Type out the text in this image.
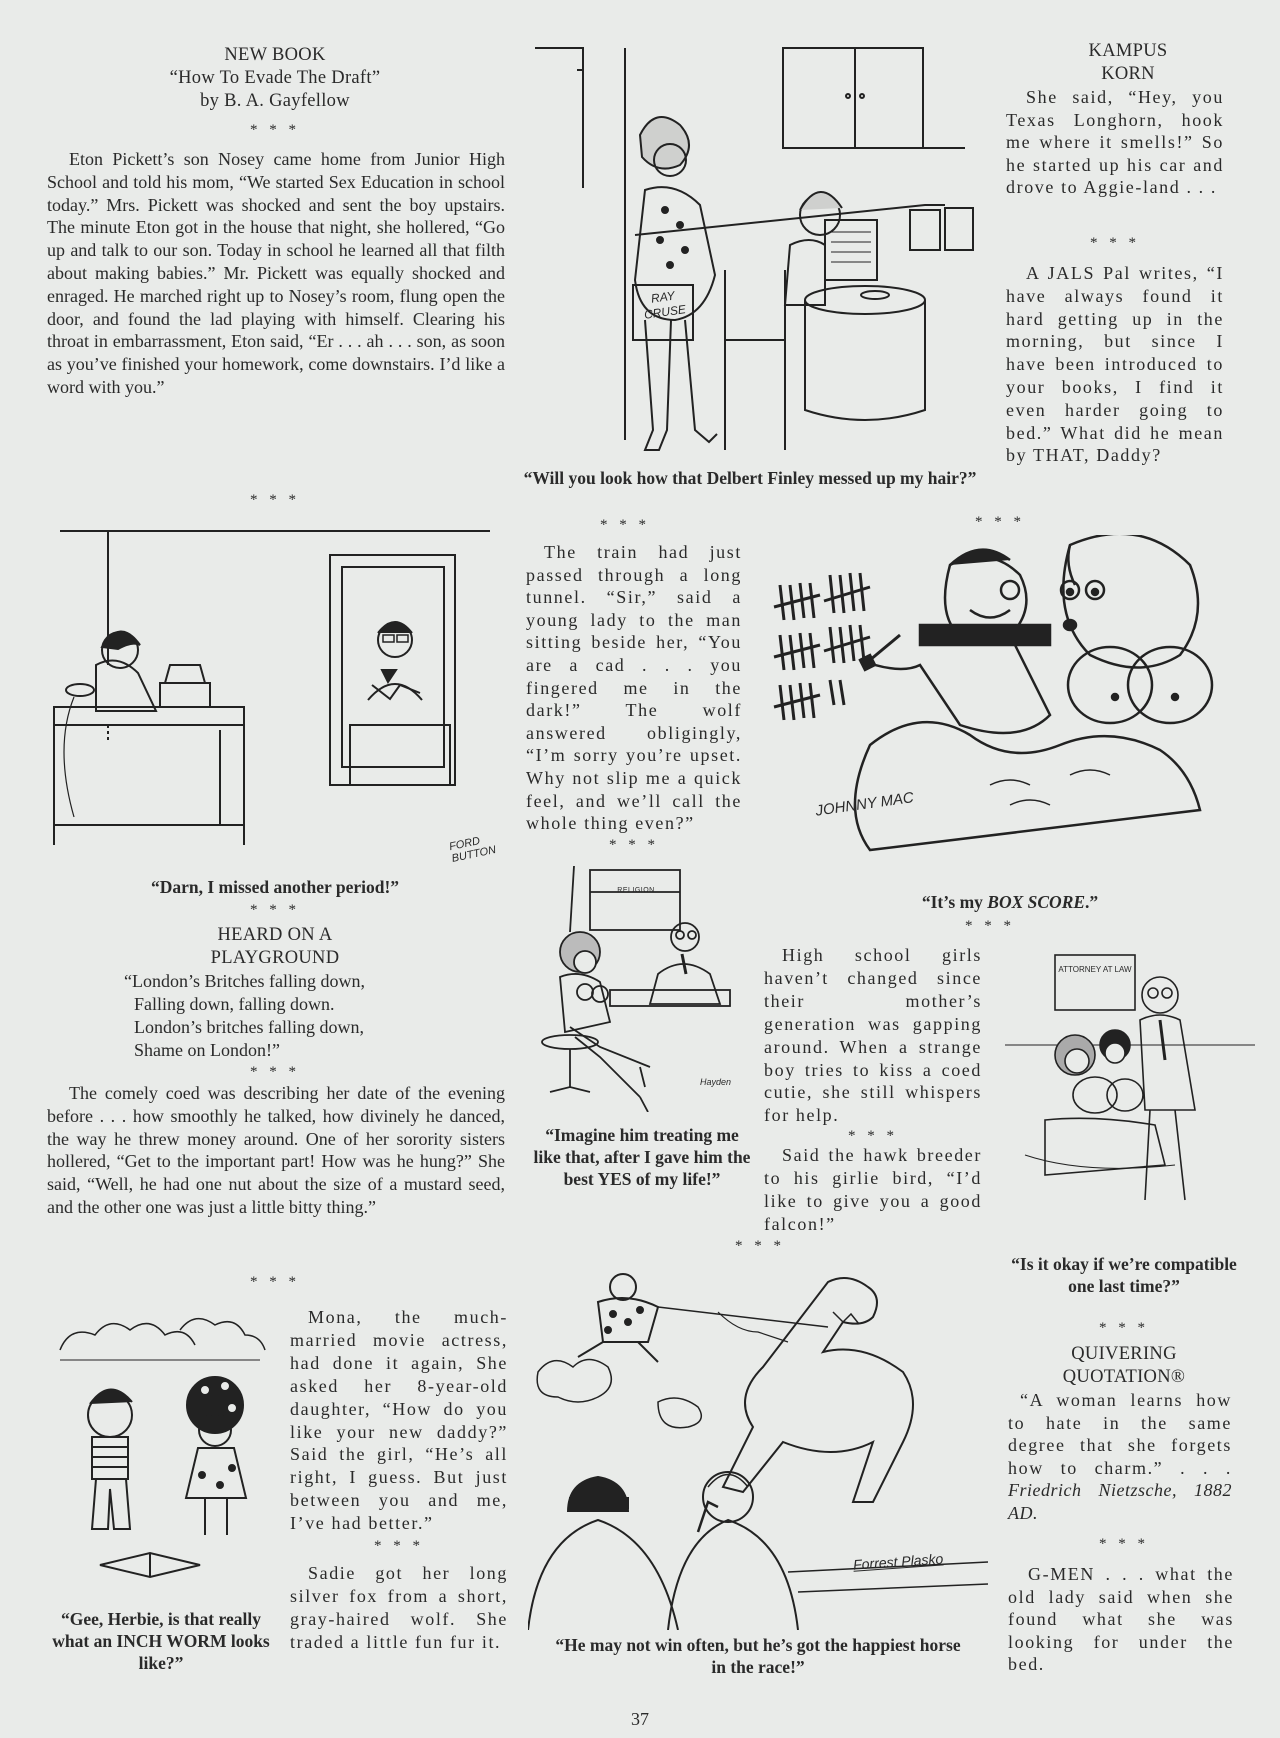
NEW BOOK
“How To Evade The Draft”
by B. A. Gayfellow
* * *
Eton Pickett’s son Nosey came home from Junior High School and told his mom, “We started Sex Education in school today.” Mrs. Pickett was shocked and sent the boy upstairs. The minute Eton got in the house that night, she hollered, “Go up and talk to our son. Today in school he learned all that filth about making babies.” Mr. Pickett was equally shocked and enraged. He marched right up to Nosey’s room, flung open the door, and found the lad playing with himself. Clearing his throat in embarrassment, Eton said, “Er . . . ah . . . son, as soon as you’ve finished your homework, come downstairs. I’d like a word with you.”
* * *
FORD BUTTON
“Darn, I missed another period!”
* * *
HEARD ON A
PLAYGROUND
“London’s Britches falling down,
Falling down, falling down.
London’s britches falling down,
Shame on London!”
* * *
The comely coed was describing her date of the evening before . . . how smoothly he talked, how divinely he danced, the way he threw money around. One of her sorority sisters hollered, “Get to the important part! How was he hung?” She said, “Well, he had one nut about the size of a mustard seed, and the other one was just a little bitty thing.”
* * *
“Gee, Herbie, is that really what an INCH WORM looks like?”
Mona, the much-married movie actress, had done it again, She asked her 8-year-old daughter, “How do you like your new daddy?” Said the girl, “He’s all right, I guess. But just between you and me, I’ve had better.”
* * *
Sadie got her long silver fox from a short, gray-haired wolf. She traded a little fun fur it.
RAY CRUSE
“Will you look how that Delbert Finley messed up my hair?”
* * *
The train had just passed through a long tunnel. “Sir,” said a young lady to the man sitting beside her, “You are a cad . . . you fingered me in the dark!” The wolf answered obligingly, “I’m sorry you’re upset. Why not slip me a quick feel, and we’ll call the whole thing even?”
* * *
JOHNNY MAC
“It’s my BOX SCORE.”
* * *
KAMPUS
KORN
She said, “Hey, you Texas Longhorn, hook me where it smells!” So he started up his car and drove to Aggie-land . . .
* * *
A JALS Pal writes, “I have always found it hard getting up in the morning, but since I have been introduced to your books, I find it even harder going to bed.” What did he mean by THAT, Daddy?
* * *
RELIGION
Hayden
“Imagine him treating me like that, after I gave him the best YES of my life!”
High school girls haven’t changed since their mother’s generation was gapping around. When a strange boy tries to kiss a coed cutie, she still whispers for help.
* * *
Said the hawk breeder to his girlie bird, “I’d like to give you a good falcon!”
ATTORNEY AT LAW
“Is it okay if we’re compatible one last time?”
* * *
QUIVERING
QUOTATION®
“A woman learns how to hate in the same degree that she forgets how to charm.” . . . Friedrich Nietzsche, 1882 AD.
* * *
G-MEN . . . what the old lady said when she found what she was looking for under the bed.
* * *
Forrest Plasko
“He may not win often, but he’s got the happiest horse in the race!”
37
